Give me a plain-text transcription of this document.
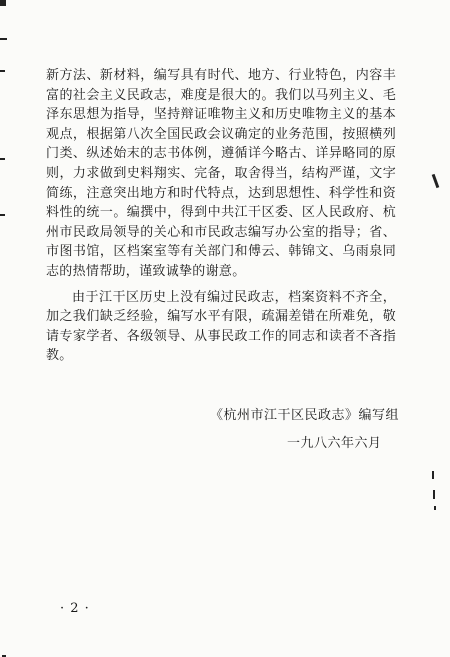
新方法、新材料，编写具有时代、地方、行业特色，内容丰富的社会主义民政志，难度是很大的。我们以马列主义、毛泽东思想为指导，坚持辩证唯物主义和历史唯物主义的基本观点，根据第八次全国民政会议确定的业务范围，按照横列门类、纵述始末的志书体例，遵循详今略古、详异略同的原则，力求做到史料翔实、完备，取舍得当，结构严谨，文字简练，注意突出地方和时代特点，达到思想性、科学性和资料性的统一。编撰中，得到中共江干区委、区人民政府、杭州市民政局领导的关心和市民政志编写办公室的指导；省、市图书馆，区档案室等有关部门和傅云、韩锦文、乌雨泉同志的热情帮助，谨致诚挚的谢意。

由于江干区历史上没有编过民政志，档案资料不齐全，加之我们缺乏经验，编写水平有限，疏漏差错在所难免，敬请专家学者、各级领导、从事民政工作的同志和读者不吝指教。

《杭州市江干区民政志》编写组
一九八六年六月
· 2 ·
